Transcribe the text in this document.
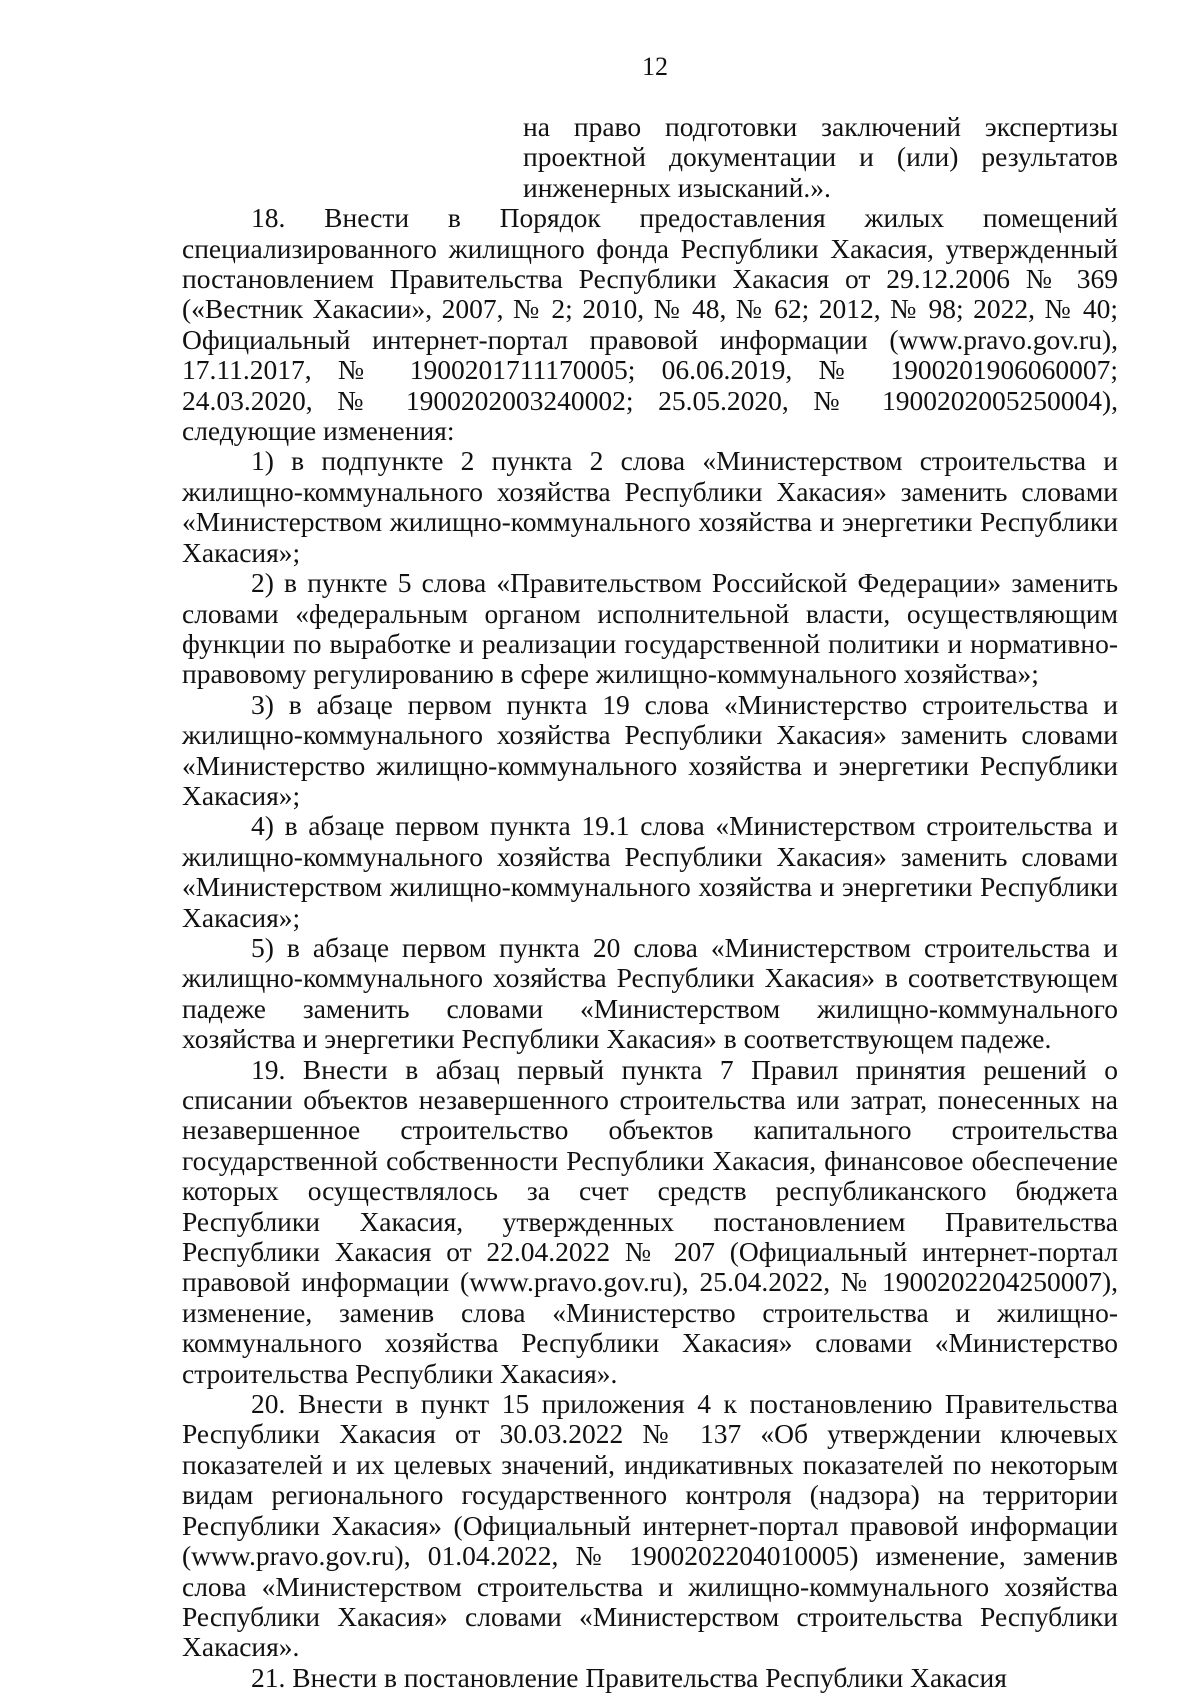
12
на право подготовки заключений экспертизы
проектной документации и (или) результатов
инженерных изысканий.».

18. Внести в Порядок предоставления жилых помещений специализированного жилищного фонда Республики Хакасия, утвержденный постановлением Правительства Республики Хакасия от 29.12.2006 № 369 («Вестник Хакасии», 2007, № 2; 2010, № 48, № 62; 2012, № 98; 2022, № 40; Официальный интернет-портал правовой информации (www.pravo.gov.ru), 17.11.2017, № 1900201711170005; 06.06.2019, № 1900201906060007; 24.03.2020, № 1900202003240002; 25.05.2020, № 1900202005250004), следующие изменения:

1) в подпункте 2 пункта 2 слова «Министерством строительства и жилищно-коммунального хозяйства Республики Хакасия» заменить словами «Министерством жилищно-коммунального хозяйства и энергетики Республики Хакасия»;

2) в пункте 5 слова «Правительством Российской Федерации» заменить словами «федеральным органом исполнительной власти, осуществляющим функции по выработке и реализации государственной политики и нормативно-правовому регулированию в сфере жилищно-коммунального хозяйства»;

3) в абзаце первом пункта 19 слова «Министерство строительства и жилищно-коммунального хозяйства Республики Хакасия» заменить словами «Министерство жилищно-коммунального хозяйства и энергетики Республики Хакасия»;

4) в абзаце первом пункта 19.1 слова «Министерством строительства и жилищно-коммунального хозяйства Республики Хакасия» заменить словами «Министерством жилищно-коммунального хозяйства и энергетики Республики Хакасия»;

5) в абзаце первом пункта 20 слова «Министерством строительства и жилищно-коммунального хозяйства Республики Хакасия» в соответствующем падеже заменить словами «Министерством жилищно-коммунального хозяйства и энергетики Республики Хакасия» в соответствующем падеже.

19. Внести в абзац первый пункта 7 Правил принятия решений о списании объектов незавершенного строительства или затрат, понесенных на незавершенное строительство объектов капитального строительства государственной собственности Республики Хакасия, финансовое обеспечение которых осуществлялось за счет средств республиканского бюджета Республики Хакасия, утвержденных постановлением Правительства Республики Хакасия от 22.04.2022 № 207 (Официальный интернет-портал правовой информации (www.pravo.gov.ru), 25.04.2022, № 1900202204250007), изменение, заменив слова «Министерство строительства и жилищно-коммунального хозяйства Республики Хакасия» словами «Министерство строительства Республики Хакасия».

20. Внести в пункт 15 приложения 4 к постановлению Правительства Республики Хакасия от 30.03.2022 № 137 «Об утверждении ключевых показателей и их целевых значений, индикативных показателей по некоторым видам регионального государственного контроля (надзора) на территории Республики Хакасия» (Официальный интернет-портал правовой информации (www.pravo.gov.ru), 01.04.2022, № 1900202204010005) изменение, заменив слова «Министерством строительства и жилищно-коммунального хозяйства Республики Хакасия» словами «Министерством строительства Республики Хакасия».

21. Внести в постановление Правительства Республики Хакасия
